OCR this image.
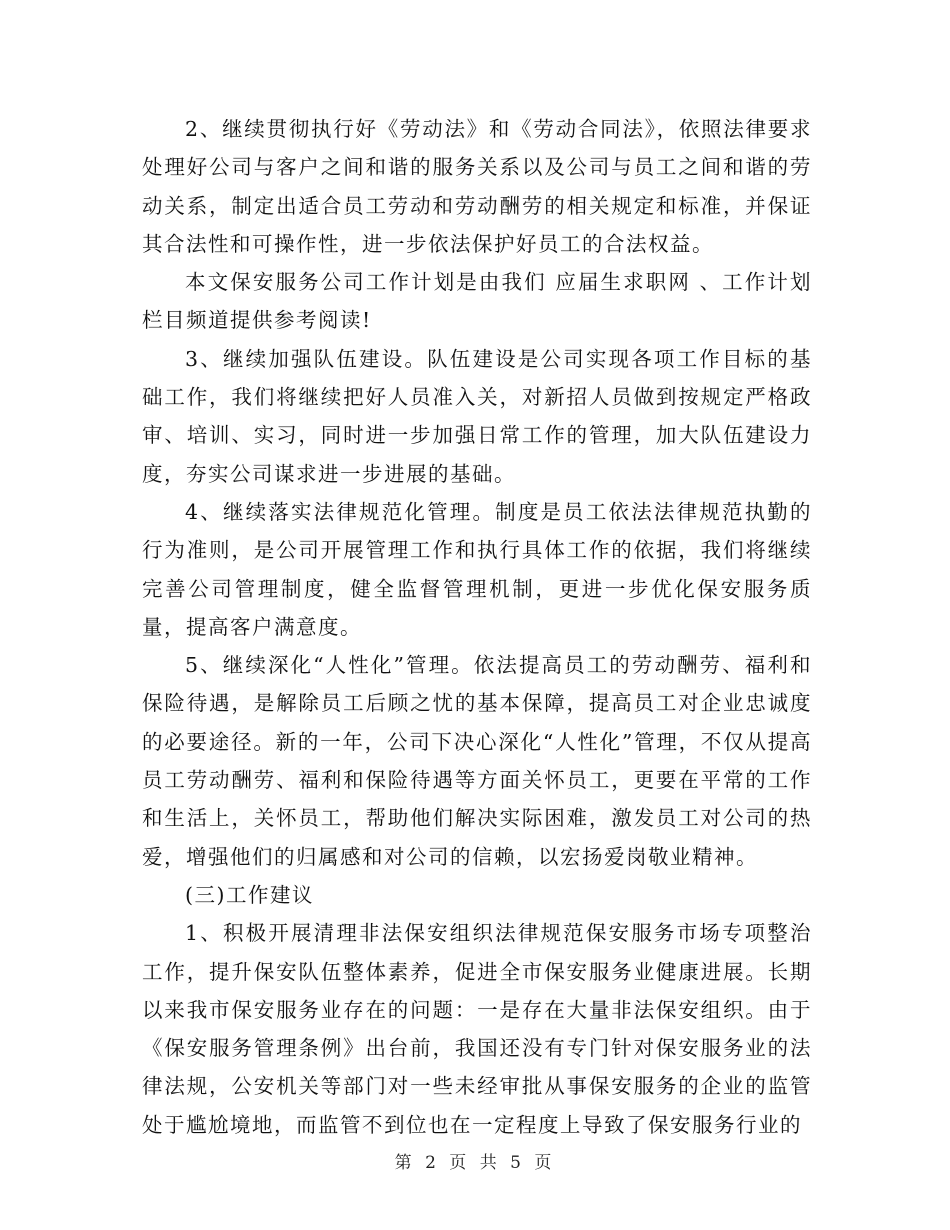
2、继续贯彻执行好《劳动法》和《劳动合同法》，依照法律要求处理好公司与客户之间和谐的服务关系以及公司与员工之间和谐的劳动关系，制定出适合员工劳动和劳动酬劳的相关规定和标准，并保证其合法性和可操作性，进一步依法保护好员工的合法权益。

本文保安服务公司工作计划是由我们 应届生求职网 、工作计划栏目频道提供参考阅读!

3、继续加强队伍建设。队伍建设是公司实现各项工作目标的基础工作，我们将继续把好人员准入关，对新招人员做到按规定严格政审、培训、实习，同时进一步加强日常工作的管理，加大队伍建设力度，夯实公司谋求进一步进展的基础。

4、继续落实法律规范化管理。制度是员工依法法律规范执勤的行为准则，是公司开展管理工作和执行具体工作的依据，我们将继续完善公司管理制度，健全监督管理机制，更进一步优化保安服务质量，提高客户满意度。

5、继续深化“人性化”管理。依法提高员工的劳动酬劳、福利和保险待遇，是解除员工后顾之忧的基本保障，提高员工对企业忠诚度的必要途径。新的一年，公司下决心深化“人性化”管理，不仅从提高员工劳动酬劳、福利和保险待遇等方面关怀员工，更要在平常的工作和生活上，关怀员工，帮助他们解决实际困难，激发员工对公司的热爱，增强他们的归属感和对公司的信赖，以宏扬爱岗敬业精神。

(三)工作建议

1、积极开展清理非法保安组织法律规范保安服务市场专项整治工作，提升保安队伍整体素养，促进全市保安服务业健康进展。长期以来我市保安服务业存在的问题：一是存在大量非法保安组织。由于《保安服务管理条例》出台前，我国还没有专门针对保安服务业的法律法规，公安机关等部门对一些未经审批从事保安服务的企业的监管处于尴尬境地，而监管不到位也在一定程度上导致了保安服务行业的

第 2 页 共 5 页
